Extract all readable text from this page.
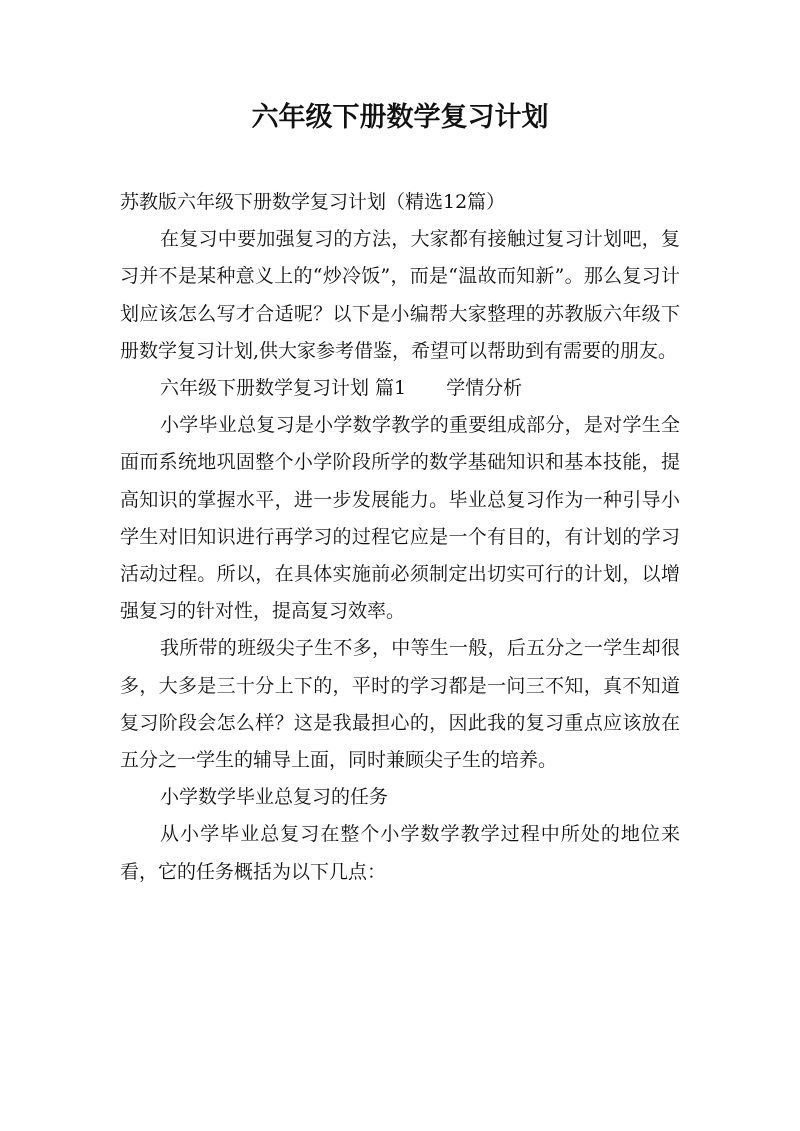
六年级下册数学复习计划

苏教版六年级下册数学复习计划（精选12篇）

在复习中要加强复习的方法，大家都有接触过复习计划吧，复习并不是某种意义上的“炒冷饭”，而是“温故而知新”。那么复习计划应该怎么写才合适呢？以下是小编帮大家整理的苏教版六年级下册数学复习计划,供大家参考借鉴，希望可以帮助到有需要的朋友。

六年级下册数学复习计划 篇1 学情分析

小学毕业总复习是小学数学教学的重要组成部分，是对学生全面而系统地巩固整个小学阶段所学的数学基础知识和基本技能，提高知识的掌握水平，进一步发展能力。毕业总复习作为一种引导小学生对旧知识进行再学习的过程它应是一个有目的，有计划的学习活动过程。所以，在具体实施前必须制定出切实可行的计划，以增强复习的针对性，提高复习效率。

我所带的班级尖子生不多，中等生一般，后五分之一学生却很多，大多是三十分上下的，平时的学习都是一问三不知，真不知道复习阶段会怎么样？这是我最担心的，因此我的复习重点应该放在五分之一学生的辅导上面，同时兼顾尖子生的培养。

小学数学毕业总复习的任务

从小学毕业总复习在整个小学数学教学过程中所处的地位来看，它的任务概括为以下几点：
